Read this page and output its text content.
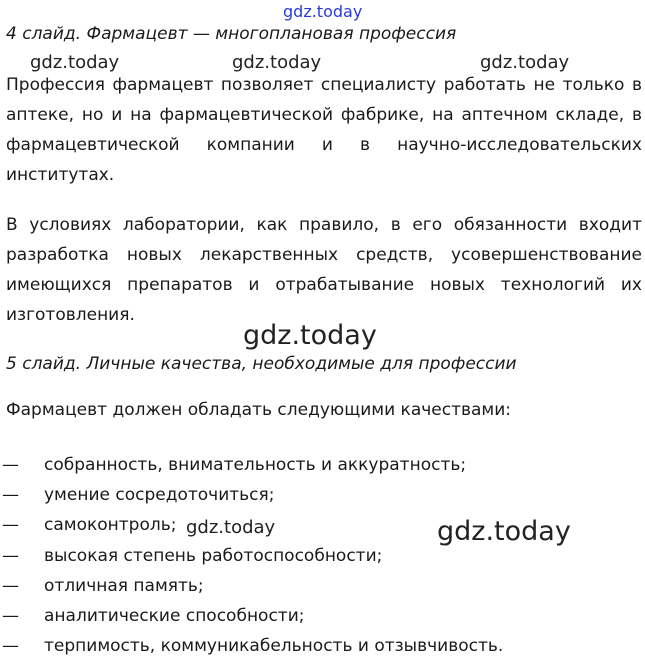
gdz.today
4 слайд. Фармацевт — многоплановая профессия
gdz.today	gdz.today	gdz.today

Профессия фармацевт позволяет специалисту работать не только в аптеке, но и на фармацевтической фабрике, на аптечном складе, в фармацевтической компании и в научно-исследовательских институтах.

В условиях лаборатории, как правило, в его обязанности входит разработка новых лекарственных средств, усовершенствование имеющихся препаратов и отрабатывание новых технологий их изготовления.

gdz.today
5 слайд. Личные качества, необходимые для профессии
Фармацевт должен обладать следующими качествами:
— собранность, внимательность и аккуратность;
— умение сосредоточиться;
— самоконтроль;
— высокая степень работоспособности;
— отличная память;
— аналитические способности;
— терпимость, коммуникабельность и отзывчивость.
gdz.today	gdz.today
